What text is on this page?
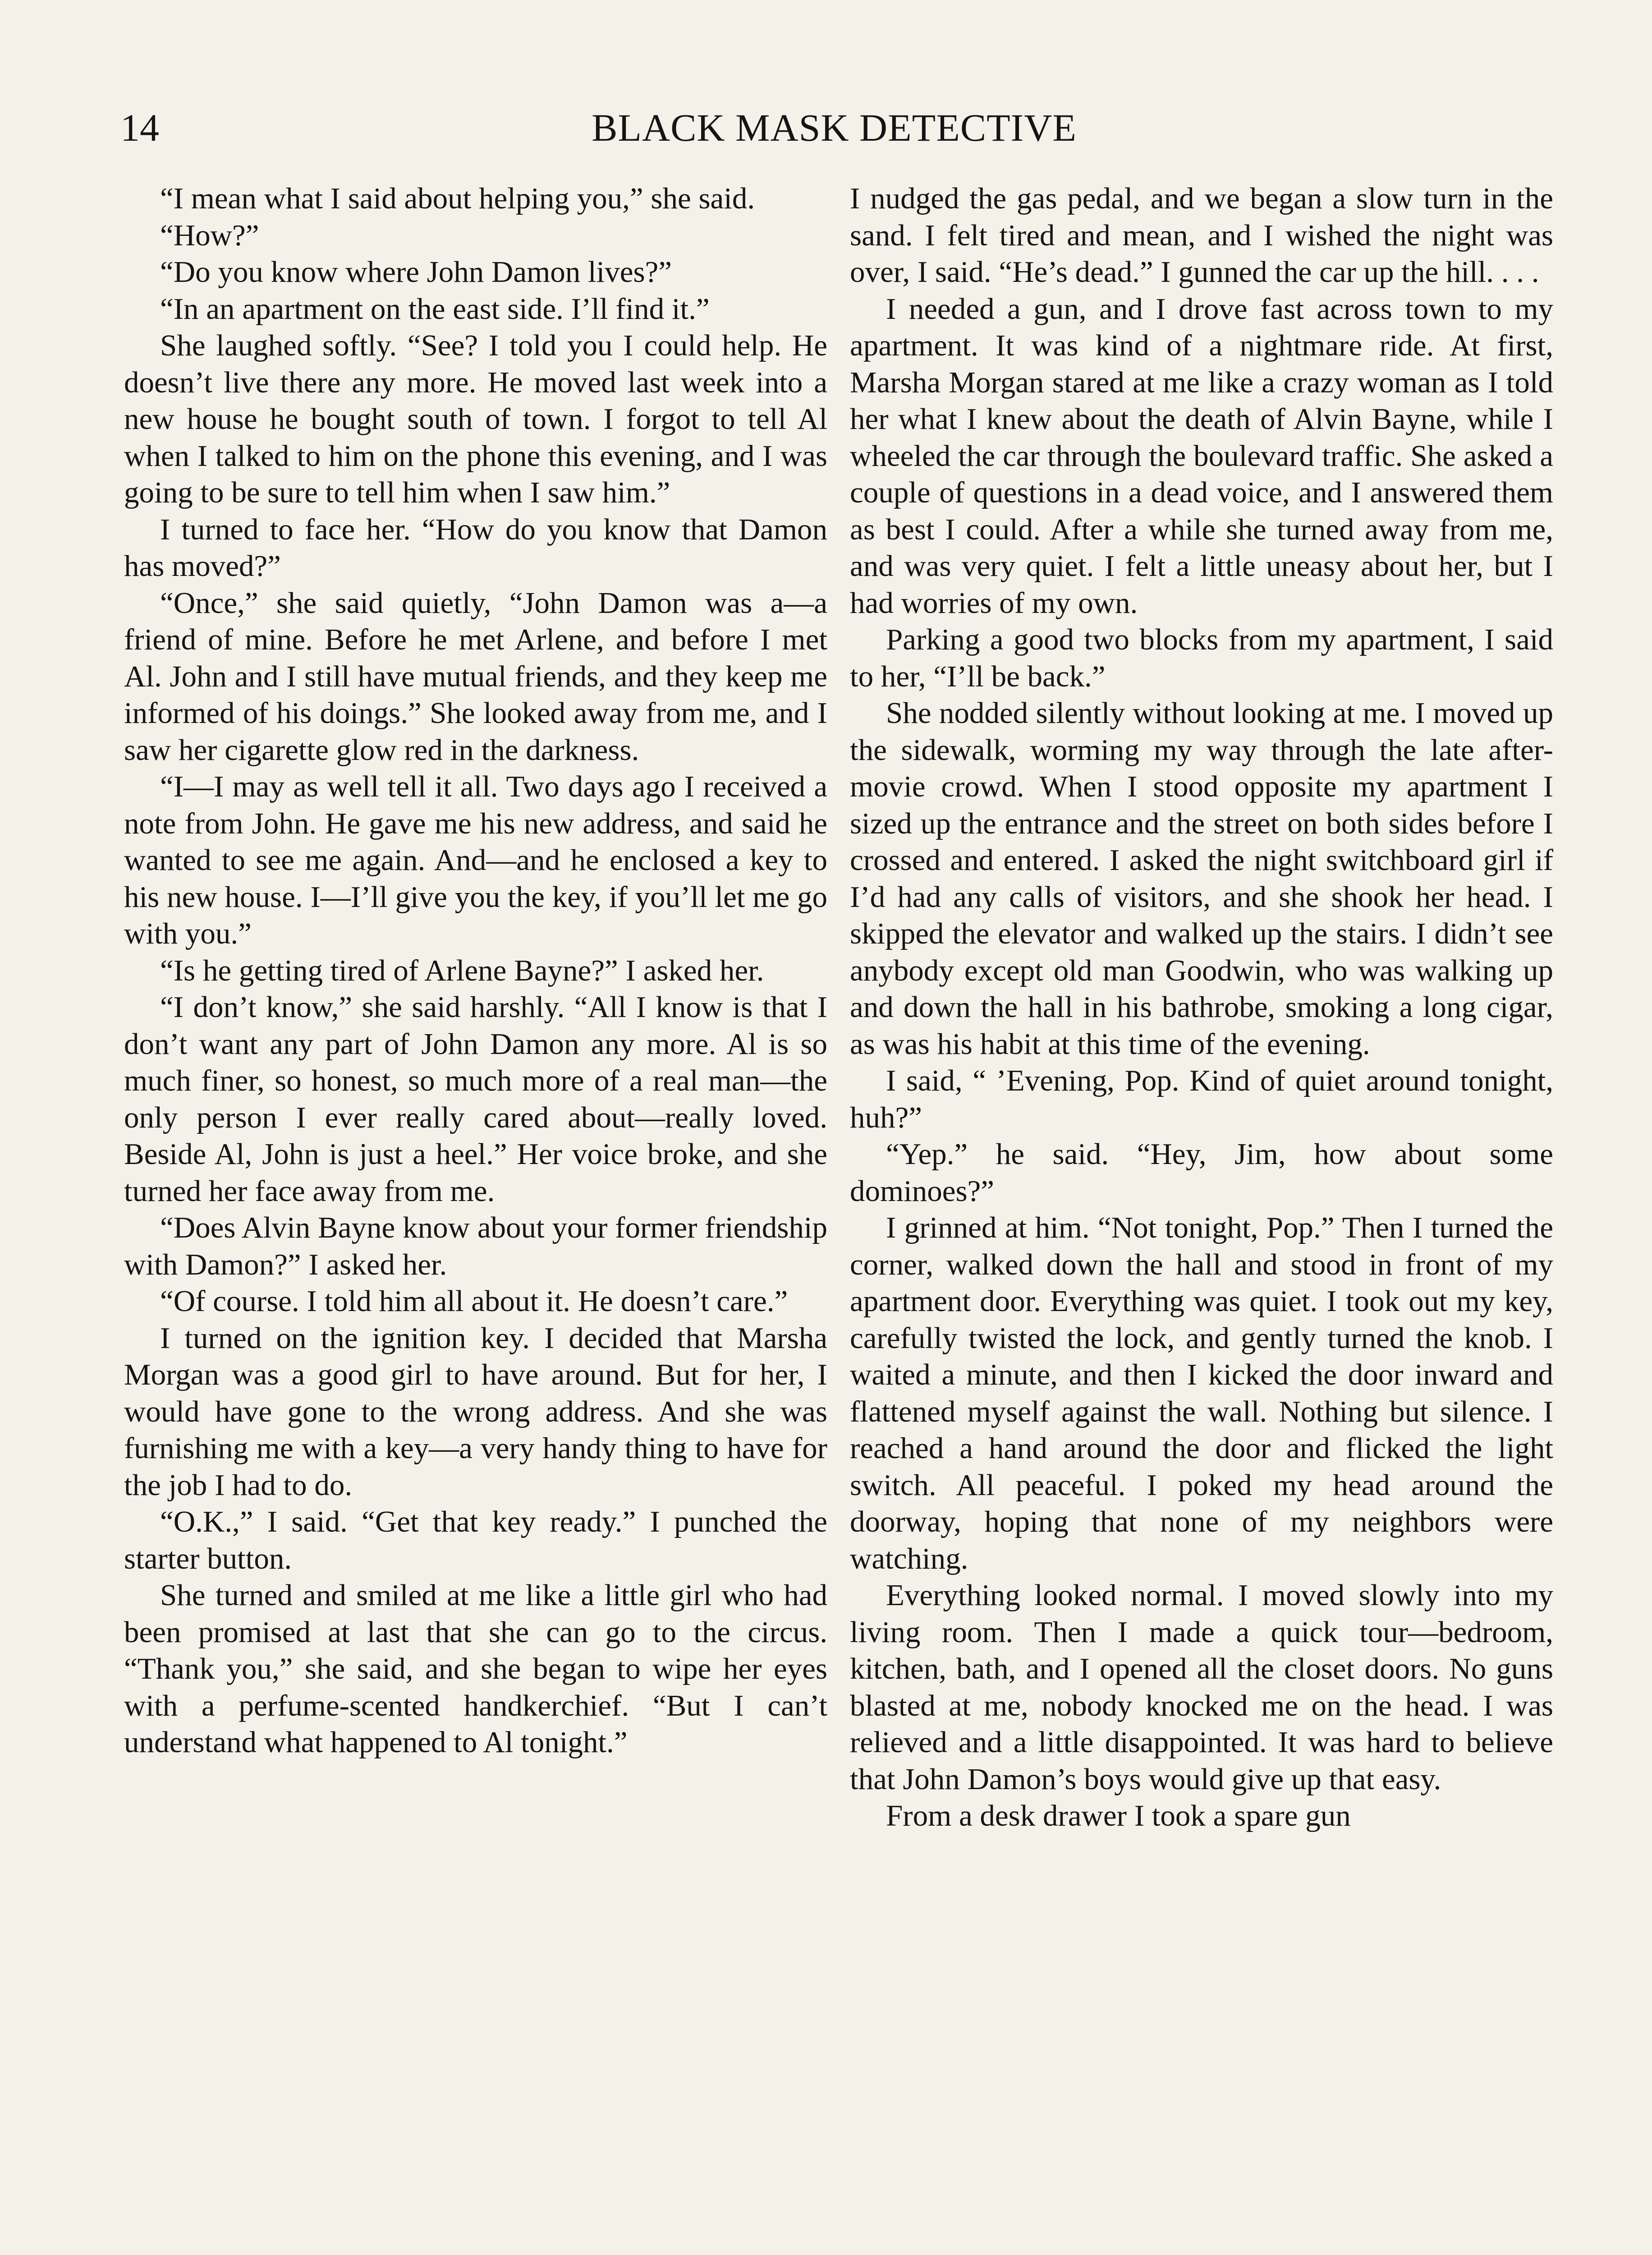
14	BLACK MASK DETECTIVE

“I mean what I said about helping you,” she said.

“How?”

“Do you know where John Damon lives?”

“In an apartment on the east side. I’ll find it.”

She laughed softly. “See? I told you I could help. He doesn’t live there any more. He moved last week into a new house he bought south of town. I forgot to tell Al when I talked to him on the phone this evening, and I was going to be sure to tell him when I saw him.”

I turned to face her. “How do you know that Damon has moved?”

“Once,” she said quietly, “John Damon was a—a friend of mine. Before he met Arlene, and before I met Al. John and I still have mutual friends, and they keep me informed of his doings.” She looked away from me, and I saw her cigarette glow red in the darkness.

“I—I may as well tell it all. Two days ago I received a note from John. He gave me his new address, and said he wanted to see me again. And—and he enclosed a key to his new house. I—I’ll give you the key, if you’ll let me go with you.”

“Is he getting tired of Arlene Bayne?” I asked her.

“I don’t know,” she said harshly. “All I know is that I don’t want any part of John Damon any more. Al is so much finer, so honest, so much more of a real man—the only person I ever really cared about—really loved. Beside Al, John is just a heel.” Her voice broke, and she turned her face away from me.

“Does Alvin Bayne know about your former friendship with Damon?” I asked her.

“Of course. I told him all about it. He doesn’t care.”

I turned on the ignition key. I decided that Marsha Morgan was a good girl to have around. But for her, I would have gone to the wrong address. And she was furnishing me with a key—a very handy thing to have for the job I had to do.

“O.K.,” I said. “Get that key ready.” I punched the starter button.

She turned and smiled at me like a little girl who had been promised at last that she can go to the circus. “Thank you,” she said, and she began to wipe her eyes with a perfume-scented handkerchief. “But I can’t understand what happened to Al tonight.”

I nudged the gas pedal, and we began a slow turn in the sand. I felt tired and mean, and I wished the night was over, I said. “He’s dead.” I gunned the car up the hill. . . .

I needed a gun, and I drove fast across town to my apartment. It was kind of a nightmare ride. At first, Marsha Morgan stared at me like a crazy woman as I told her what I knew about the death of Alvin Bayne, while I wheeled the car through the boulevard traffic. She asked a couple of questions in a dead voice, and I answered them as best I could. After a while she turned away from me, and was very quiet. I felt a little uneasy about her, but I had worries of my own.

Parking a good two blocks from my apartment, I said to her, “I’ll be back.”

She nodded silently without looking at me. I moved up the sidewalk, worming my way through the late after-movie crowd. When I stood opposite my apartment I sized up the entrance and the street on both sides before I crossed and entered. I asked the night switchboard girl if I’d had any calls of visitors, and she shook her head. I skipped the elevator and walked up the stairs. I didn’t see anybody except old man Goodwin, who was walking up and down the hall in his bathrobe, smoking a long cigar, as was his habit at this time of the evening.

I said, “ ’Evening, Pop. Kind of quiet around tonight, huh?”

“Yep.” he said. “Hey, Jim, how about some dominoes?”

I grinned at him. “Not tonight, Pop.” Then I turned the corner, walked down the hall and stood in front of my apartment door. Everything was quiet. I took out my key, carefully twisted the lock, and gently turned the knob. I waited a minute, and then I kicked the door inward and flattened myself against the wall. Nothing but silence. I reached a hand around the door and flicked the light switch. All peaceful. I poked my head around the doorway, hoping that none of my neighbors were watching.

Everything looked normal. I moved slowly into my living room. Then I made a quick tour—bedroom, kitchen, bath, and I opened all the closet doors. No guns blasted at me, nobody knocked me on the head. I was relieved and a little disappointed. It was hard to believe that John Damon’s boys would give up that easy.

From a desk drawer I took a spare gun
